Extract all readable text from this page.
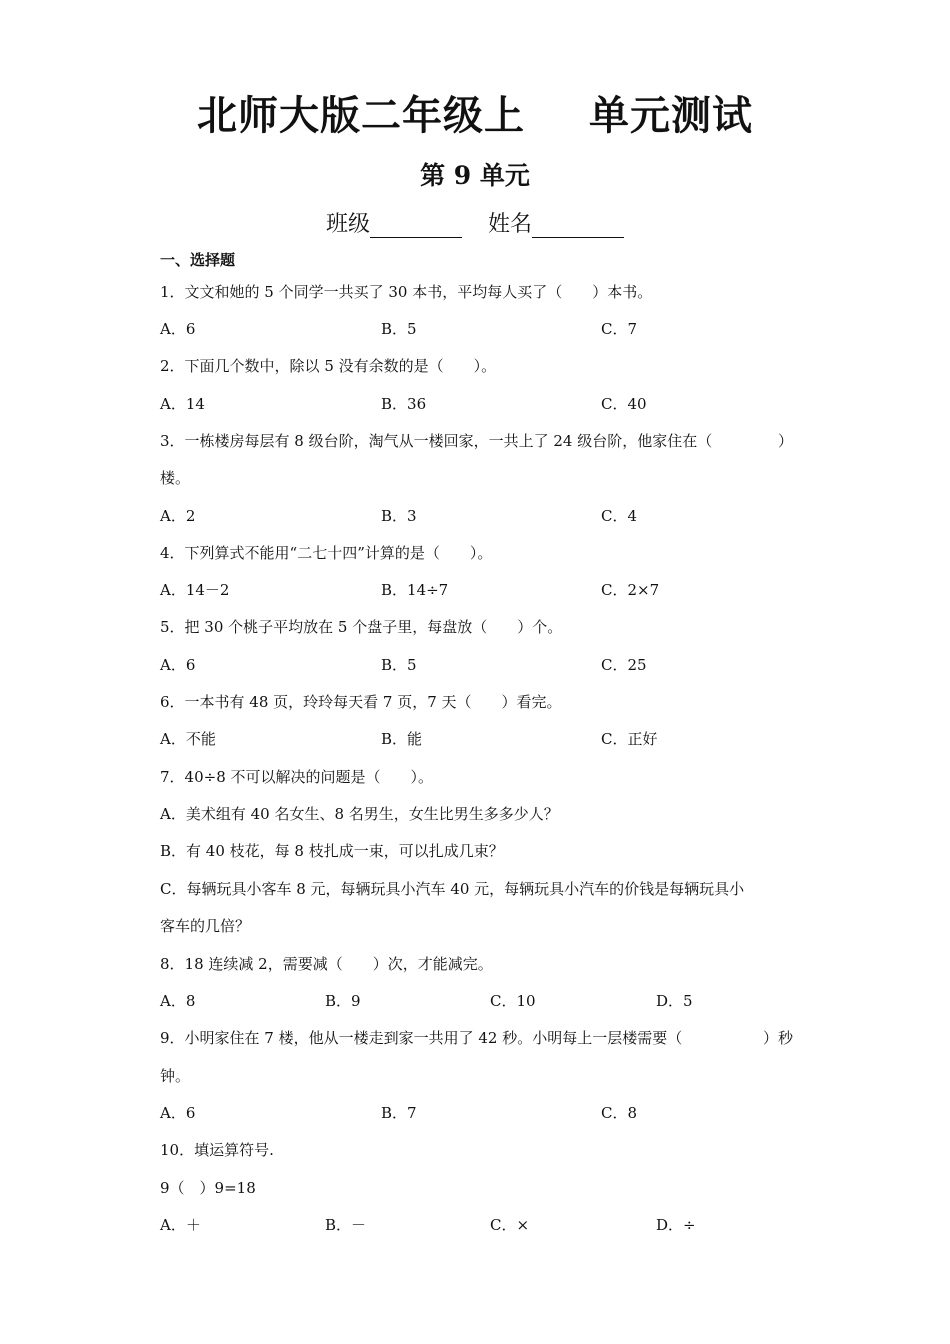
北师大版二年级上 单元测试
第 9 单元
班级	姓名
一、选择题
1．文文和她的 5 个同学一共买了 30 本书，平均每人买了（　　）本书。
A．6	B．5	C．7
2．下面几个数中，除以 5 没有余数的是（　　）。
A．14	B．36	C．40
3．一栋楼房每层有 8 级台阶，淘气从一楼回家，一共上了 24 级台阶，他家住在（	）
楼。
A．2	B．3	C．4
4．下列算式不能用“二七十四”计算的是（　　）。
A．14－2	B．14÷7	C．2×7
5．把 30 个桃子平均放在 5 个盘子里，每盘放（　　）个。
A．6	B．5	C．25
6．一本书有 48 页，玲玲每天看 7 页，7 天（　　）看完。
A．不能	B．能	C．正好
7．40÷8 不可以解决的问题是（　　）。
A．美术组有 40 名女生、8 名男生，女生比男生多多少人？
B．有 40 枝花，每 8 枝扎成一束，可以扎成几束？
C．每辆玩具小客车 8 元，每辆玩具小汽车 40 元，每辆玩具小汽车的价钱是每辆玩具小
客车的几倍？
8．18 连续减 2，需要减（　　）次，才能减完。
A．8	B．9	C．10	D．5
9．小明家住在 7 楼，他从一楼走到家一共用了 42 秒。小明每上一层楼需要（	）秒
钟。
A．6	B．7	C．8
10．填运算符号.
9（　）9=18
A．＋	B．－	C．×	D．÷
